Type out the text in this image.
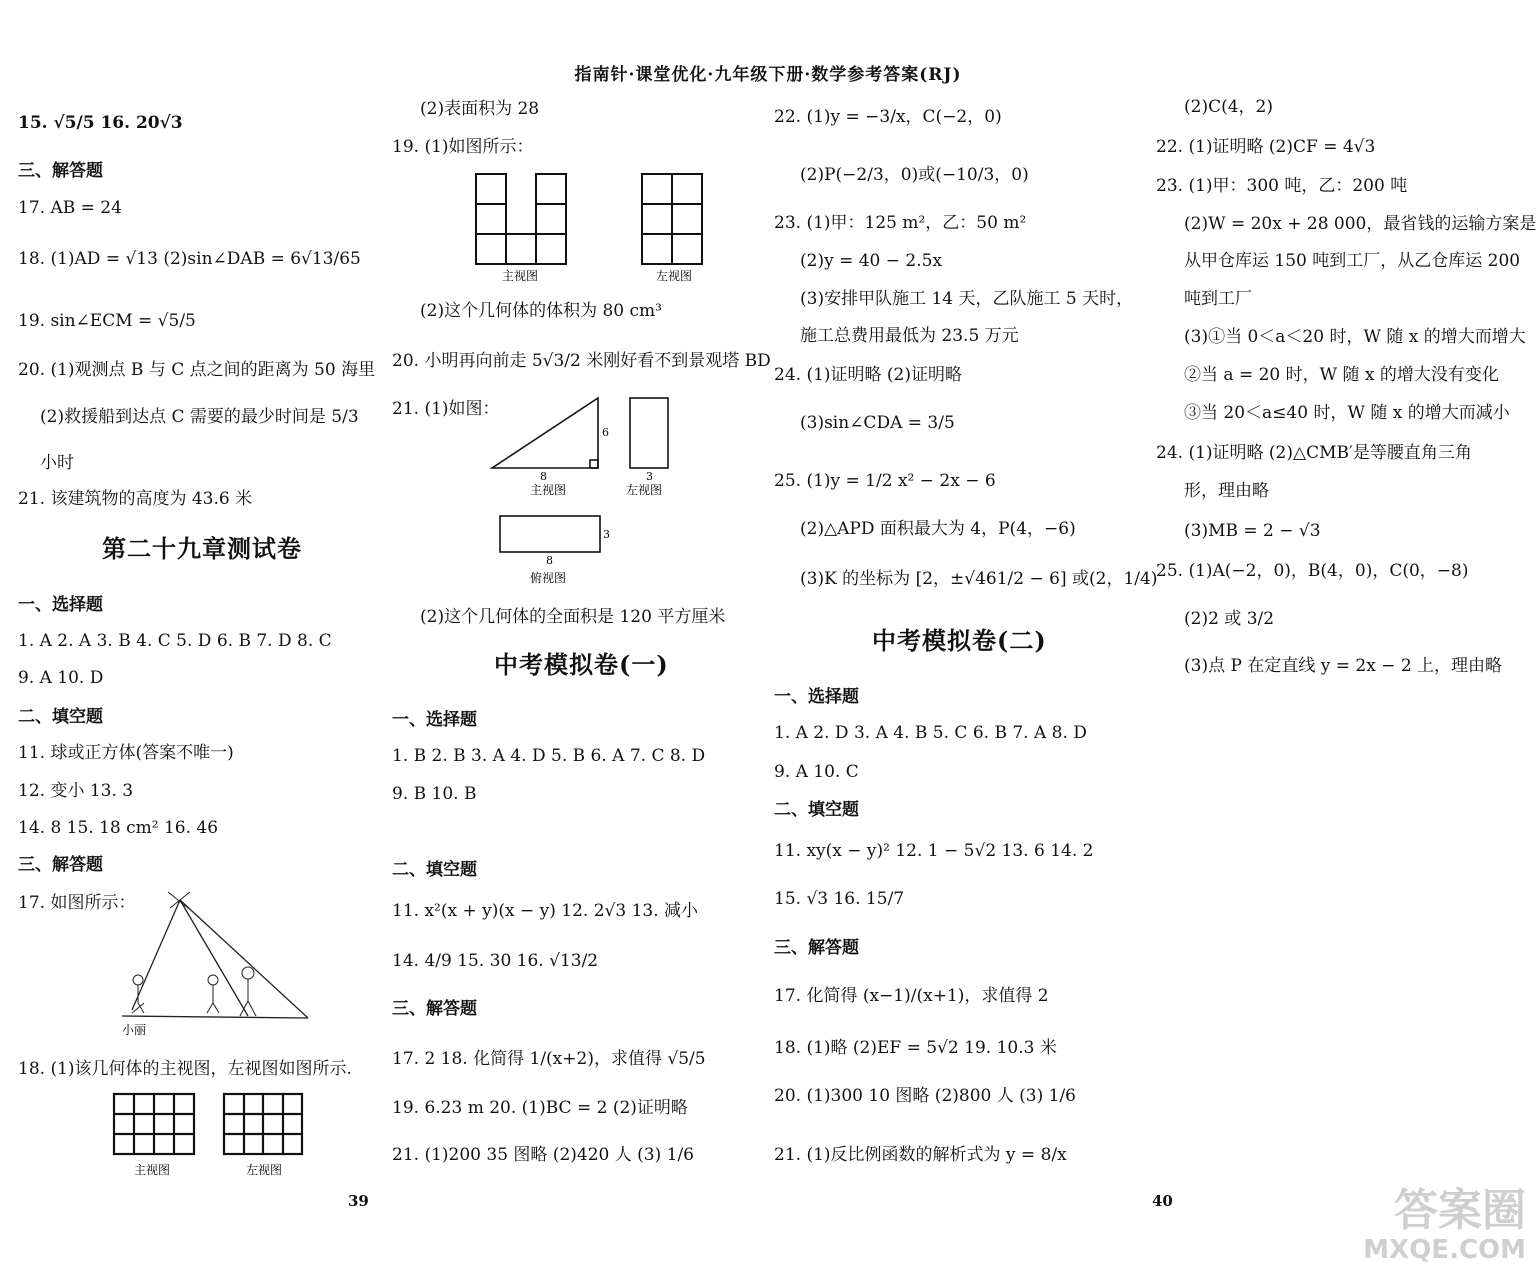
指南针·课堂优化·九年级下册·数学参考答案(RJ)
15. √5/5 16. 20√3
三、解答题
17. AB = 24
18. (1)AD = √13 (2)sin∠DAB = 6√13/65
19. sin∠ECM = √5/5
20. (1)观测点 B 与 C 点之间的距离为 50 海里
(2)救援船到达点 C 需要的最少时间是 5/3
小时
21. 该建筑物的高度为 43.6 米
第二十九章测试卷
一、选择题
1. A 2. A 3. B 4. C 5. D 6. B 7. D 8. C
9. A 10. D
二、填空题
11. 球或正方体(答案不唯一)
12. 变小 13. 3
14. 8 15. 18 cm² 16. 46
三、解答题
17. 如图所示：
小丽
18. (1)该几何体的主视图，左视图如图所示.
主视图	左视图
39
(2)表面积为 28
19. (1)如图所示：
主视图	左视图
(2)这个几何体的体积为 80 cm³
20. 小明再向前走 5√3/2 米刚好看不到景观塔 BD
21. (1)如图：
6
8
主视图
3
左视图
3
8
俯视图
(2)这个几何体的全面积是 120 平方厘米
中考模拟卷(一)
一、选择题
1. B 2. B 3. A 4. D 5. B 6. A 7. C 8. D
9. B 10. B
二、填空题
11. x²(x + y)(x − y) 12. 2√3 13. 减小
14. 4/9 15. 30 16. √13/2
三、解答题
17. 2 18. 化简得 1/(x+2)，求值得 √5/5
19. 6.23 m 20. (1)BC = 2 (2)证明略
21. (1)200 35 图略 (2)420 人 (3) 1/6
22. (1)y = −3/x，C(−2，0)
(2)P(−2/3，0)或(−10/3，0)
23. (1)甲：125 m²，乙：50 m²
(2)y = 40 − 2.5x
(3)安排甲队施工 14 天，乙队施工 5 天时，
施工总费用最低为 23.5 万元
24. (1)证明略 (2)证明略
(3)sin∠CDA = 3/5
25. (1)y = 1/2 x² − 2x − 6
(2)△APD 面积最大为 4，P(4，−6)
(3)K 的坐标为 [2，±√461/2 − 6] 或(2，1/4)
中考模拟卷(二)
一、选择题
1. A 2. D 3. A 4. B 5. C 6. B 7. A 8. D
9. A 10. C
二、填空题
11. xy(x − y)² 12. 1 − 5√2 13. 6 14. 2
15. √3 16. 15/7
三、解答题
17. 化简得 (x−1)/(x+1)，求值得 2
18. (1)略 (2)EF = 5√2 19. 10.3 米
20. (1)300 10 图略 (2)800 人 (3) 1/6
21. (1)反比例函数的解析式为 y = 8/x
(2)C(4，2)
22. (1)证明略 (2)CF = 4√3
23. (1)甲：300 吨，乙：200 吨
(2)W = 20x + 28 000，最省钱的运输方案是
从甲仓库运 150 吨到工厂，从乙仓库运 200
吨到工厂
(3)①当 0＜a＜20 时，W 随 x 的增大而增大
②当 a = 20 时，W 随 x 的增大没有变化
③当 20＜a≤40 时，W 随 x 的增大而减小
24. (1)证明略 (2)△CMB′是等腰直角三角
形，理由略
(3)MB = 2 − √3
25. (1)A(−2，0)，B(4，0)，C(0，−8)
(2)2 或 3/2
(3)点 P 在定直线 y = 2x − 2 上，理由略
40	答案圈
MXQE.COM
